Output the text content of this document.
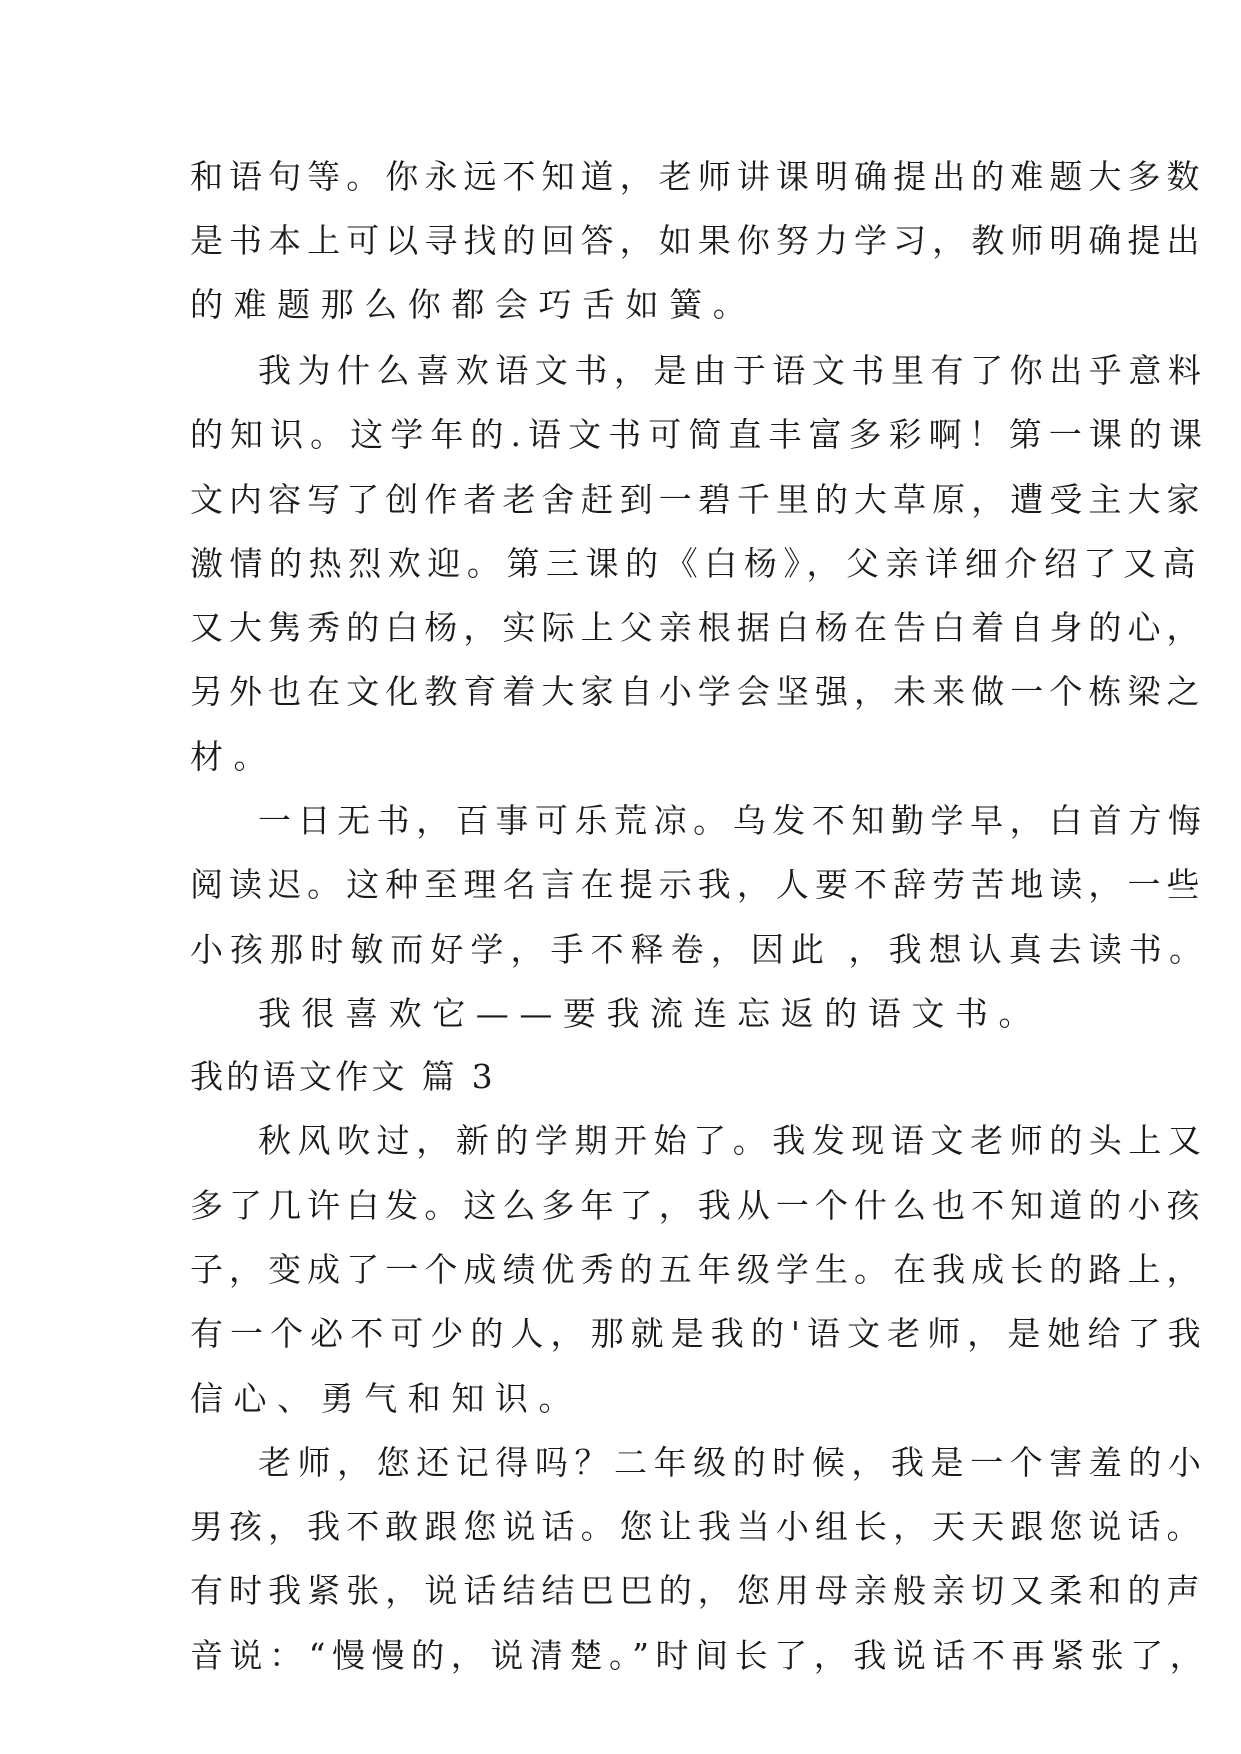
和语句等。你永远不知道，老师讲课明确提出的难题大多数
是书本上可以寻找的回答，如果你努力学习，教师明确提出
的难题那么你都会巧舌如簧。
我为什么喜欢语文书，是由于语文书里有了你出乎意料
的知识。这学年的.语文书可简直丰富多彩啊！第一课的课
文内容写了创作者老舍赶到一碧千里的大草原，遭受主大家
激情的热烈欢迎。第三课的《白杨》，父亲详细介绍了又高
又大隽秀的白杨，实际上父亲根据白杨在告白着自身的心，
另外也在文化教育着大家自小学会坚强，未来做一个栋梁之
材。
一日无书，百事可乐荒凉。乌发不知勤学早，白首方悔
阅读迟。这种至理名言在提示我，人要不辞劳苦地读，一些
小孩那时敏而好学，手不释卷，因此 ，我想认真去读书。
我很喜欢它——要我流连忘返的语文书。
我的语文作文 篇 3
秋风吹过，新的学期开始了。我发现语文老师的头上又
多了几许白发。这么多年了，我从一个什么也不知道的小孩
子，变成了一个成绩优秀的五年级学生。在我成长的路上，
有一个必不可少的人，那就是我的'语文老师，是她给了我
信心、勇气和知识。
老师，您还记得吗？二年级的时候，我是一个害羞的小
男孩，我不敢跟您说话。您让我当小组长，天天跟您说话。
有时我紧张，说话结结巴巴的，您用母亲般亲切又柔和的声
音说：“慢慢的，说清楚。”时间长了，我说话不再紧张了，
